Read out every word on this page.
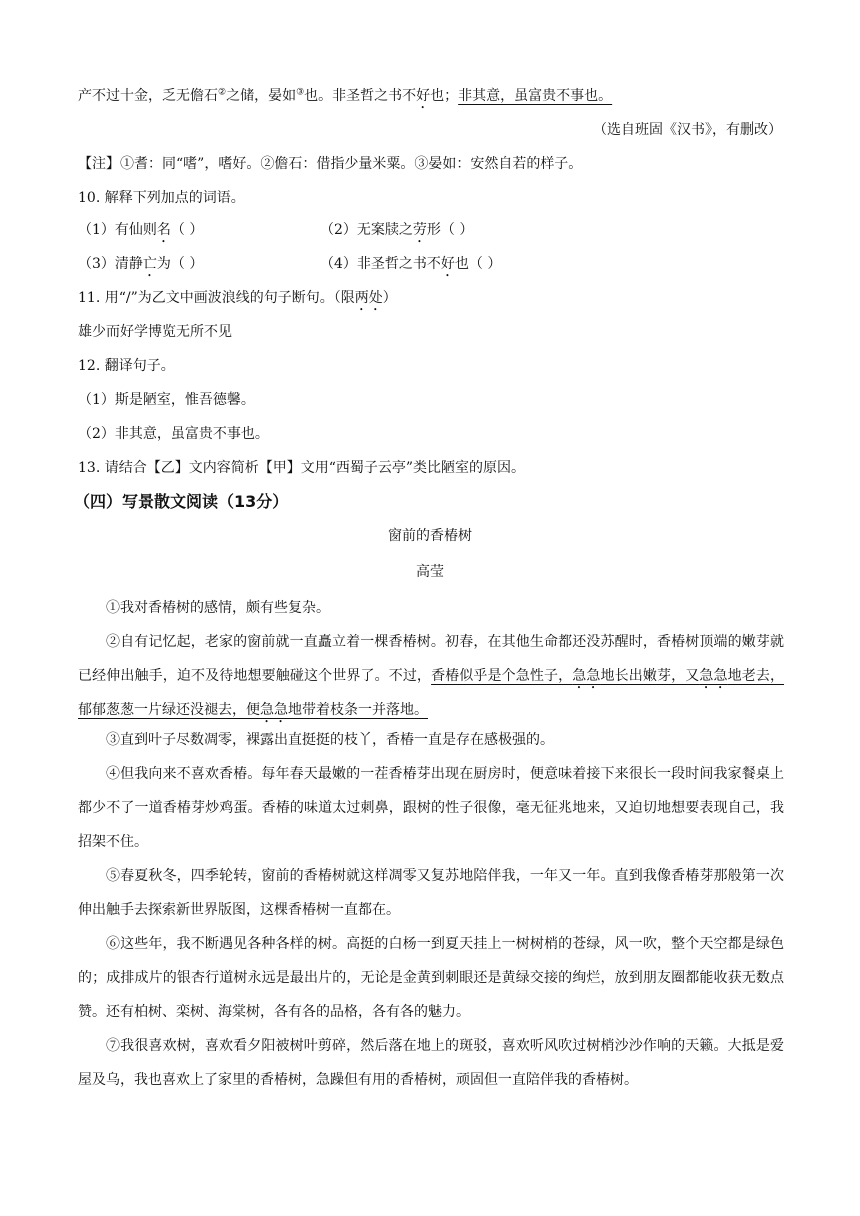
产不过十金，乏无儋石②之储，晏如③也。非圣哲之书不好也；非其意，虽富贵不事也。
（选自班固《汉书》，有删改）
【注】①耆：同“嗜”，嗜好。②儋石：借指少量米粟。③晏如：安然自若的样子。
10. 解释下列加点的词语。
（1）有仙则名（ ）	（2）无案牍之劳形（ ）
（3）清静亡为（ ）	（4）非圣哲之书不好也（ ）
11. 用“/”为乙文中画波浪线的句子断句。（限两处）
雄少而好学博览无所不见
12. 翻译句子。
（1）斯是陋室，惟吾德馨。
（2）非其意，虽富贵不事也。
13. 请结合【乙】文内容简析【甲】文用“西蜀子云亭”类比陋室的原因。
（四）写景散文阅读（13分）
窗前的香椿树
高莹
①我对香椿树的感情，颇有些复杂。
②自有记忆起，老家的窗前就一直矗立着一棵香椿树。初春，在其他生命都还没苏醒时，香椿树顶端的嫩芽就已经伸出触手，迫不及待地想要触碰这个世界了。不过，香椿似乎是个急性子，急急地长出嫩芽，又急急地老去，郁郁葱葱一片绿还没褪去，便急急地带着枝条一并落地。
③直到叶子尽数凋零，裸露出直挺挺的枝丫，香椿一直是存在感极强的。
④但我向来不喜欢香椿。每年春天最嫩的一茬香椿芽出现在厨房时，便意味着接下来很长一段时间我家餐桌上都少不了一道香椿芽炒鸡蛋。香椿的味道太过刺鼻，跟树的性子很像，毫无征兆地来，又迫切地想要表现自己，我招架不住。
⑤春夏秋冬，四季轮转，窗前的香椿树就这样凋零又复苏地陪伴我，一年又一年。直到我像香椿芽那般第一次伸出触手去探索新世界版图，这棵香椿树一直都在。
⑥这些年，我不断遇见各种各样的树。高挺的白杨一到夏天挂上一树树梢的苍绿，风一吹，整个天空都是绿色的；成排成片的银杏行道树永远是最出片的，无论是金黄到刺眼还是黄绿交接的绚烂，放到朋友圈都能收获无数点赞。还有柏树、栾树、海棠树，各有各的品格，各有各的魅力。
⑦我很喜欢树，喜欢看夕阳被树叶剪碎，然后落在地上的斑驳，喜欢听风吹过树梢沙沙作响的天籁。大抵是爱屋及乌，我也喜欢上了家里的香椿树，急躁但有用的香椿树，顽固但一直陪伴我的香椿树。
